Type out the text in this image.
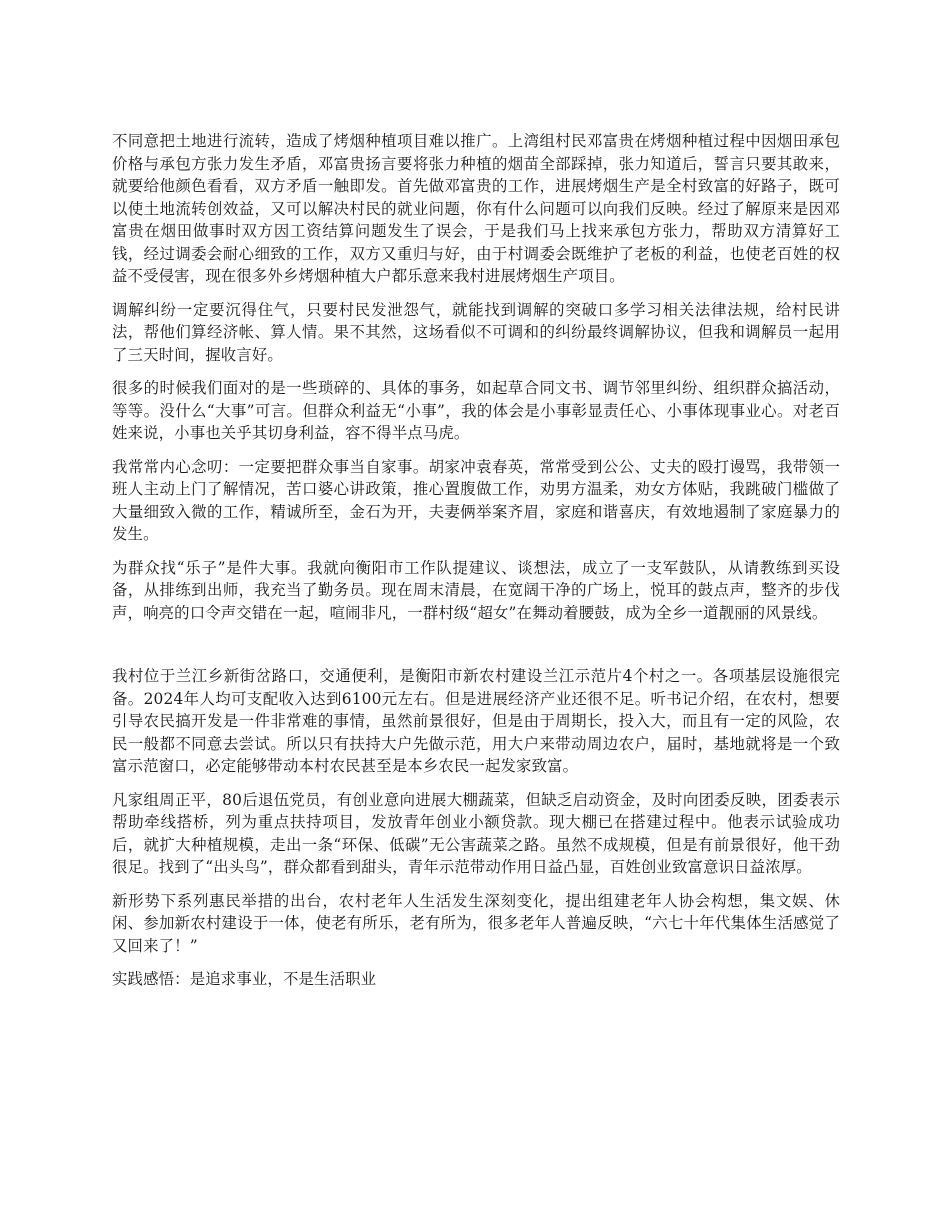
不同意把土地进行流转，造成了烤烟种植项目难以推广。上湾组村民邓富贵在烤烟种植过程中因烟田承包价格与承包方张力发生矛盾，邓富贵扬言要将张力种植的烟苗全部踩掉，张力知道后，誓言只要其敢来，就要给他颜色看看，双方矛盾一触即发。首先做邓富贵的工作，进展烤烟生产是全村致富的好路子，既可以使土地流转创效益，又可以解决村民的就业问题，你有什么问题可以向我们反映。经过了解原来是因邓富贵在烟田做事时双方因工资结算问题发生了误会，于是我们马上找来承包方张力，帮助双方清算好工钱，经过调委会耐心细致的工作，双方又重归与好，由于村调委会既维护了老板的利益，也使老百姓的权益不受侵害，现在很多外乡烤烟种植大户都乐意来我村进展烤烟生产项目。

调解纠纷一定要沉得住气，只要村民发泄怨气，就能找到调解的突破口多学习相关法律法规，给村民讲法，帮他们算经济帐、算人情。果不其然，这场看似不可调和的纠纷最终调解协议，但我和调解员一起用了三天时间，握收言好。

很多的时候我们面对的是一些琐碎的、具体的事务，如起草合同文书、调节邻里纠纷、组织群众搞活动，等等。没什么“大事”可言。但群众利益无“小事”，我的体会是小事彰显责任心、小事体现事业心。对老百姓来说，小事也关乎其切身利益，容不得半点马虎。

我常常内心念叨：一定要把群众事当自家事。胡家冲袁春英，常常受到公公、丈夫的殴打谩骂，我带领一班人主动上门了解情况，苦口婆心讲政策，推心置腹做工作，劝男方温柔，劝女方体贴，我跳破门槛做了大量细致入微的工作，精诚所至，金石为开，夫妻俩举案齐眉，家庭和谐喜庆，有效地遏制了家庭暴力的发生。

为群众找“乐子”是件大事。我就向衡阳市工作队提建议、谈想法，成立了一支军鼓队，从请教练到买设备，从排练到出师，我充当了勤务员。现在周末清晨，在宽阔干净的广场上，悦耳的鼓点声，整齐的步伐声，响亮的口令声交错在一起，喧闹非凡，一群村级“超女”在舞动着腰鼓，成为全乡一道靓丽的风景线。

我村位于兰江乡新街岔路口，交通便利，是衡阳市新农村建设兰江示范片4个村之一。各项基层设施很完备。2024年人均可支配收入达到6100元左右。但是进展经济产业还很不足。听书记介绍，在农村，想要引导农民搞开发是一件非常难的事情，虽然前景很好，但是由于周期长，投入大，而且有一定的风险，农民一般都不同意去尝试。所以只有扶持大户先做示范，用大户来带动周边农户，届时，基地就将是一个致富示范窗口，必定能够带动本村农民甚至是本乡农民一起发家致富。

凡家组周正平，80后退伍党员，有创业意向进展大棚蔬菜，但缺乏启动资金，及时向团委反映，团委表示帮助牵线搭桥，列为重点扶持项目，发放青年创业小额贷款。现大棚已在搭建过程中。他表示试验成功后，就扩大种植规模，走出一条“环保、低碳”无公害蔬菜之路。虽然不成规模，但是有前景很好，他干劲很足。找到了“出头鸟”，群众都看到甜头，青年示范带动作用日益凸显，百姓创业致富意识日益浓厚。

新形势下系列惠民举措的出台，农村老年人生活发生深刻变化，提出组建老年人协会构想，集文娱、休闲、参加新农村建设于一体，使老有所乐，老有所为，很多老年人普遍反映，“六七十年代集体生活感觉了又回来了！”

实践感悟：是追求事业，不是生活职业
